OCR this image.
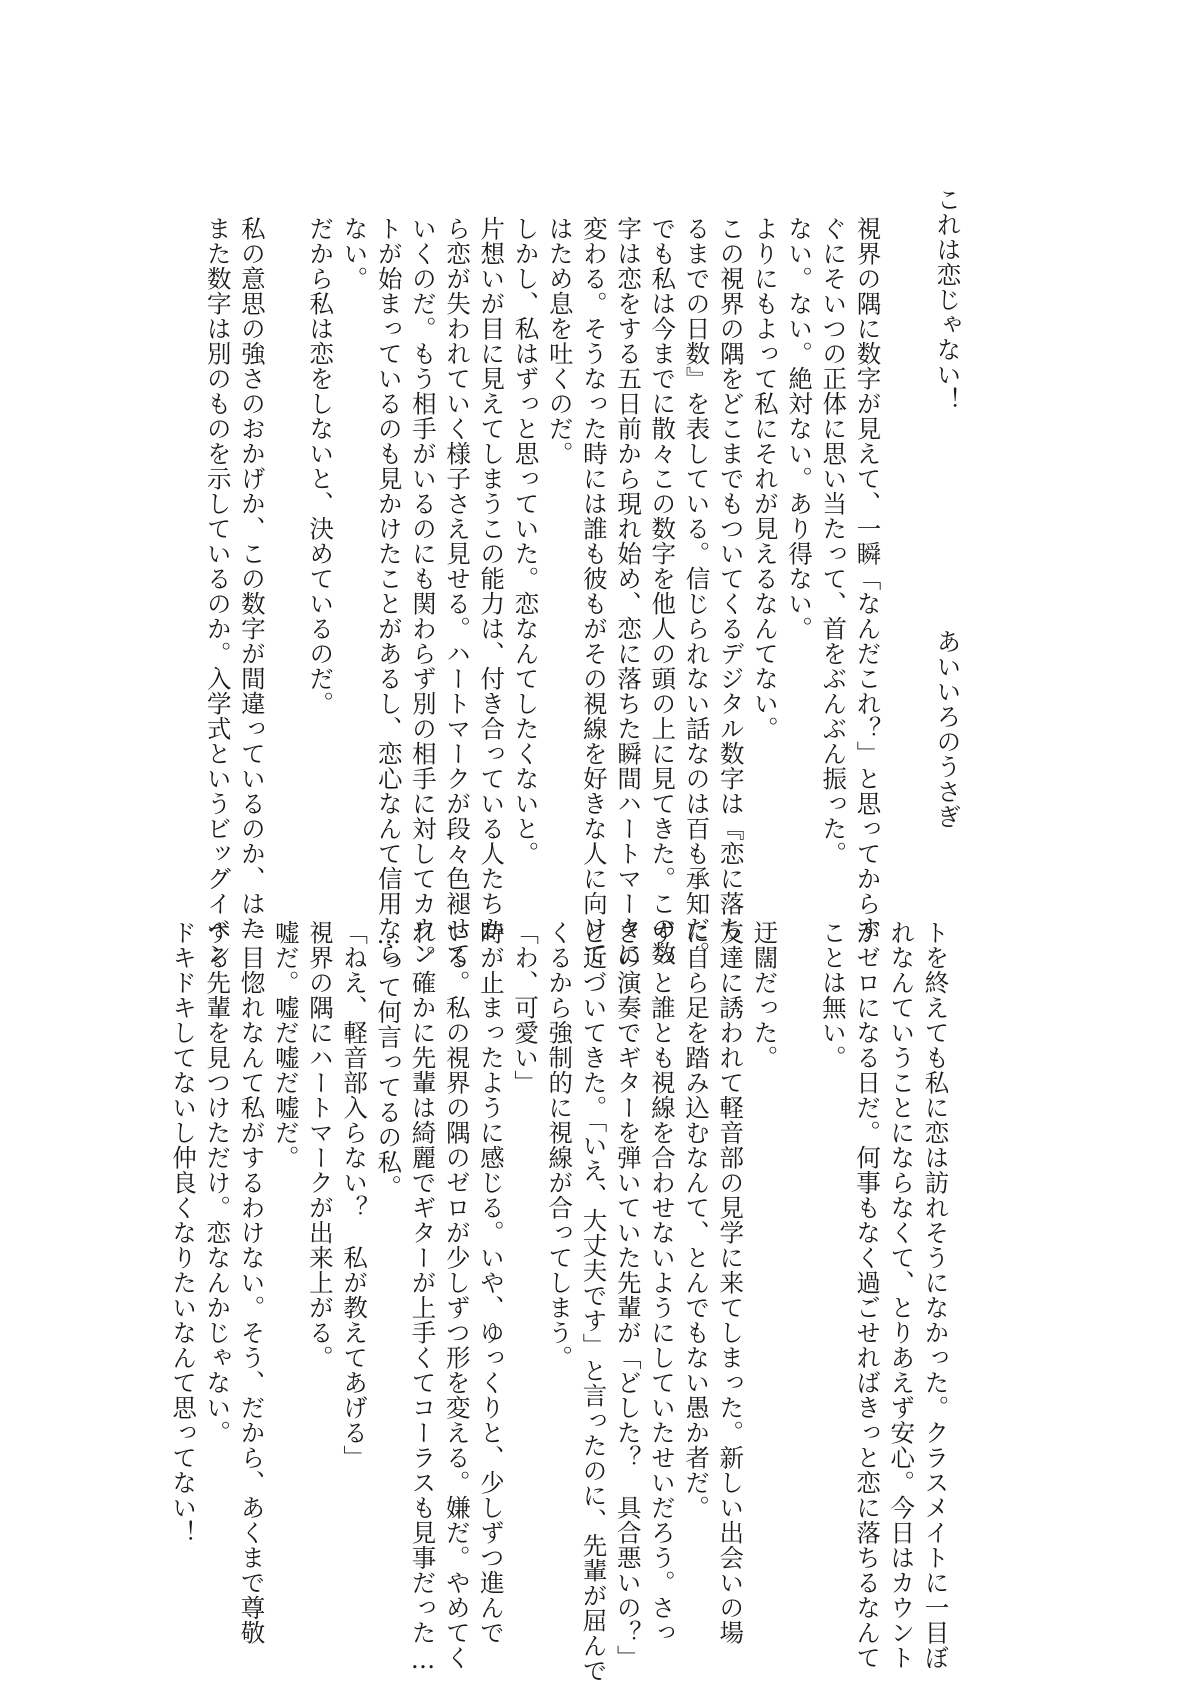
これは恋じゃない！
あいいろのうさぎ
視界の隅に数字が見えて、一瞬「なんだこれ？」と思ってからす
ぐにそいつの正体に思い当たって、首をぶんぶん振った。
ない。ない。絶対ない。あり得ない。
よりにもよって私にそれが見えるなんてない。
この視界の隅をどこまでもついてくるデジタル数字は『恋に落ち
るまでの日数』を表している。信じられない話なのは百も承知だ。
でも私は今までに散々この数字を他人の頭の上に見てきた。この数
字は恋をする五日前から現れ始め、恋に落ちた瞬間ハートマークに
変わる。そうなった時には誰も彼もがその視線を好きな人に向けて
はため息を吐くのだ。
しかし、私はずっと思っていた。恋なんてしたくないと。
片想いが目に見えてしまうこの能力は、付き合っている人たちか
ら恋が失われていく様子さえ見せる。ハートマークが段々色褪せて
いくのだ。もう相手がいるのにも関わらず別の相手に対してカウン
トが始まっているのも見かけたことがあるし、恋心なんて信用なら
ない。
だから私は恋をしないと、決めているのだ。
私の意思の強さのおかげか、この数字が間違っているのか、はた
また数字は別のものを示しているのか。入学式というビッグイベン
トを終えても私に恋は訪れそうになかった。クラスメイトに一目ぼ
れなんていうことにならなくて、とりあえず安心。今日はカウント
がゼロになる日だ。何事もなく過ごせればきっと恋に落ちるなんて
ことは無い。
迂闊だった。
友達に誘われて軽音部の見学に来てしまった。新しい出会いの場
に自ら足を踏み込むなんて、とんでもない愚か者だ。
ずっと誰とも視線を合わせないようにしていたせいだろう。さっ
きの演奏でギターを弾いていた先輩が「どした？　具合悪いの？」
と近づいてきた。「いえ、大丈夫です」と言ったのに、先輩が屈んで
くるから強制的に視線が合ってしまう。
「わ、可愛い」
時が止まったように感じる。いや、ゆっくりと、少しずつ進んで
いる。私の視界の隅のゼロが少しずつ形を変える。嫌だ。やめてく
れ。確かに先輩は綺麗でギターが上手くてコーラスも見事だった…
…って何言ってるの私。
「ねえ、軽音部入らない？　私が教えてあげる」
視界の隅にハートマークが出来上がる。
嘘だ。嘘だ嘘だ嘘だ。
一目惚れなんて私がするわけない。そう、だから、あくまで尊敬
する先輩を見つけただけ。恋なんかじゃない。
ドキドキしてないし仲良くなりたいなんて思ってない！
